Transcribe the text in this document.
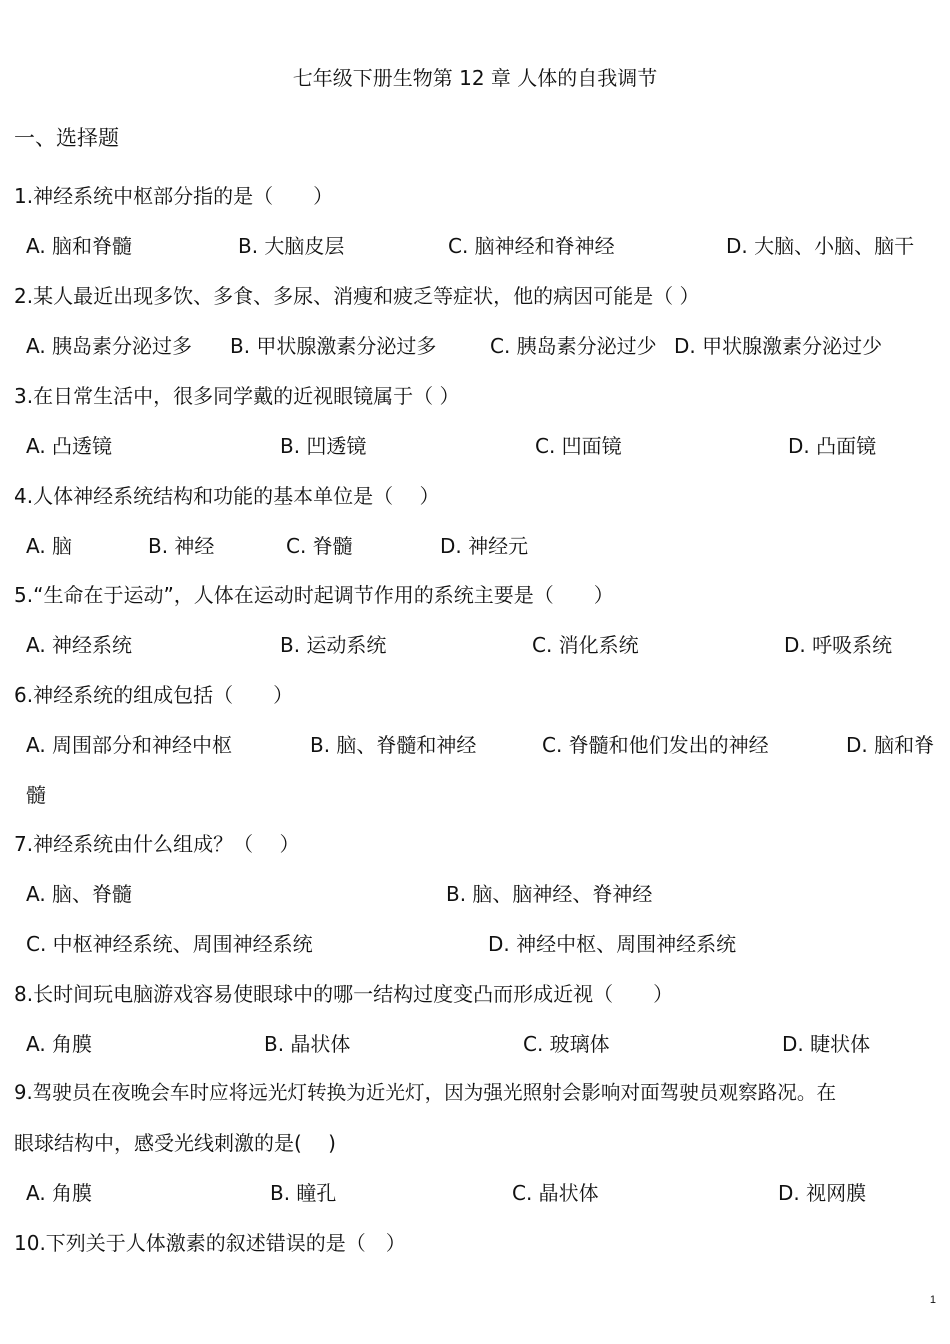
七年级下册生物第 12 章 人体的自我调节
一、选择题
1.神经系统中枢部分指的是（　　）
A. 脑和脊髓	B. 大脑皮层	C. 脑神经和脊神经	D. 大脑、小脑、脑干
2.某人最近出现多饮、多食、多尿、消瘦和疲乏等症状，他的病因可能是（ ）
A. 胰岛素分泌过多 B. 甲状腺激素分泌过多	C. 胰岛素分泌过少 D. 甲状腺激素分泌过少
3.在日常生活中，很多同学戴的近视眼镜属于（ ）
A. 凸透镜	B. 凹透镜	C. 凹面镜	D. 凸面镜
4.人体神经系统结构和功能的基本单位是（　 ）
A. 脑	B. 神经	C. 脊髓	D. 神经元
5.“生命在于运动”，人体在运动时起调节作用的系统主要是（　　）
A. 神经系统	B. 运动系统	C. 消化系统	D. 呼吸系统
6.神经系统的组成包括（　　）
A. 周围部分和神经中枢	B. 脑、脊髓和神经	C. 脊髓和他们发出的神经	D. 脑和脊
髓
7.神经系统由什么组成？（　 ）
A. 脑、脊髓	B. 脑、脑神经、脊神经
C. 中枢神经系统、周围神经系统	D. 神经中枢、周围神经系统
8.长时间玩电脑游戏容易使眼球中的哪一结构过度变凸而形成近视（　　）
A. 角膜	B. 晶状体	C. 玻璃体	D. 睫状体
9.驾驶员在夜晚会车时应将远光灯转换为近光灯，因为强光照射会影响对面驾驶员观察路况。在
眼球结构中，感受光线刺激的是(　 )
A. 角膜	B. 瞳孔	C. 晶状体	D. 视网膜
10.下列关于人体激素的叙述错误的是（　）
1
